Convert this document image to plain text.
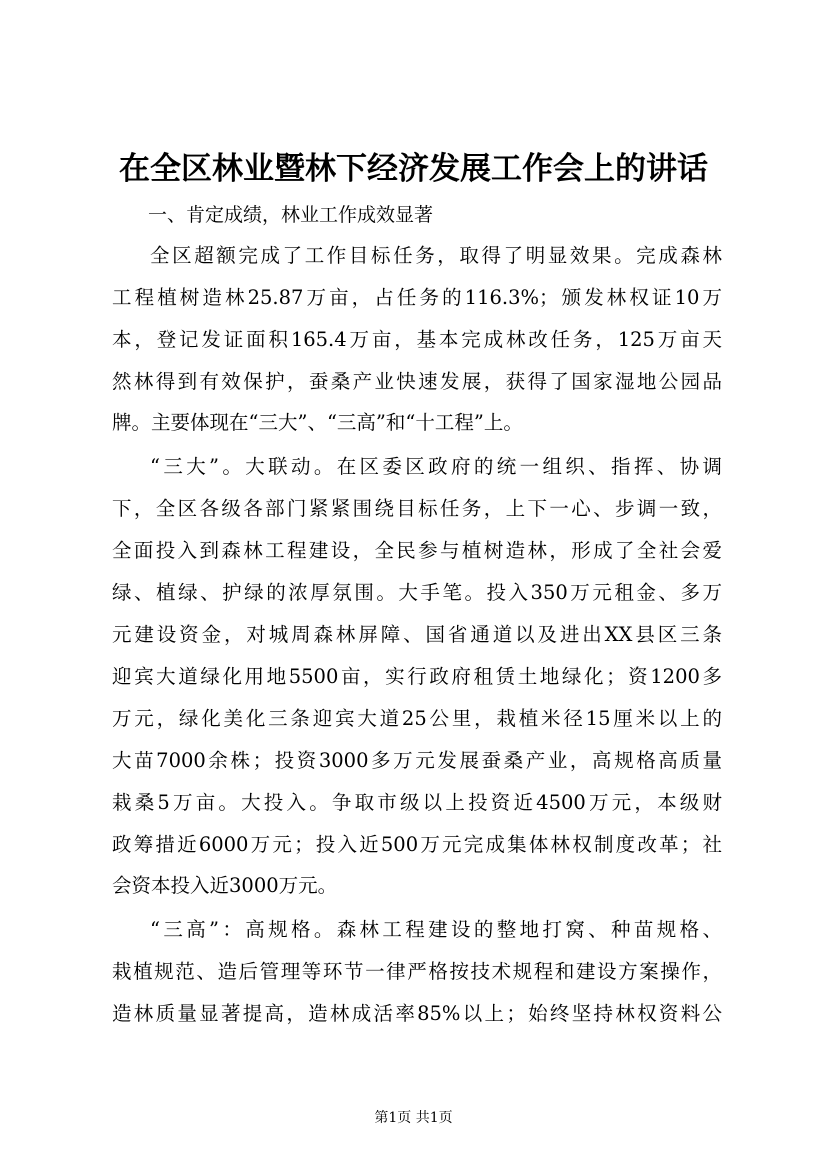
在全区林业暨林下经济发展工作会上的讲话
一、肯定成绩，林业工作成效显著
全区超额完成了工作目标任务，取得了明显效果。完成森林
工程植树造林25.87万亩，占任务的116.3%；颁发林权证10万
本，登记发证面积165.4万亩，基本完成林改任务，125万亩天
然林得到有效保护，蚕桑产业快速发展，获得了国家湿地公园品
牌。主要体现在“三大”、“三高”和“十工程”上。
“三大”。大联动。在区委区政府的统一组织、指挥、协调
下，全区各级各部门紧紧围绕目标任务，上下一心、步调一致，
全面投入到森林工程建设，全民参与植树造林，形成了全社会爱
绿、植绿、护绿的浓厚氛围。大手笔。投入350万元租金、多万
元建设资金，对城周森林屏障、国省通道以及进出XX县区三条
迎宾大道绿化用地5500亩，实行政府租赁土地绿化；资1200多
万元，绿化美化三条迎宾大道25公里，栽植米径15厘米以上的
大苗7000余株；投资3000多万元发展蚕桑产业，高规格高质量
栽桑5万亩。大投入。争取市级以上投资近4500万元，本级财
政筹措近6000万元；投入近500万元完成集体林权制度改革；社
会资本投入近3000万元。
“三高”：高规格。森林工程建设的整地打窝、种苗规格、
栽植规范、造后管理等环节一律严格按技术规程和建设方案操作，
造林质量显著提高，造林成活率85%以上；始终坚持林权资料公
第1页 共1页
